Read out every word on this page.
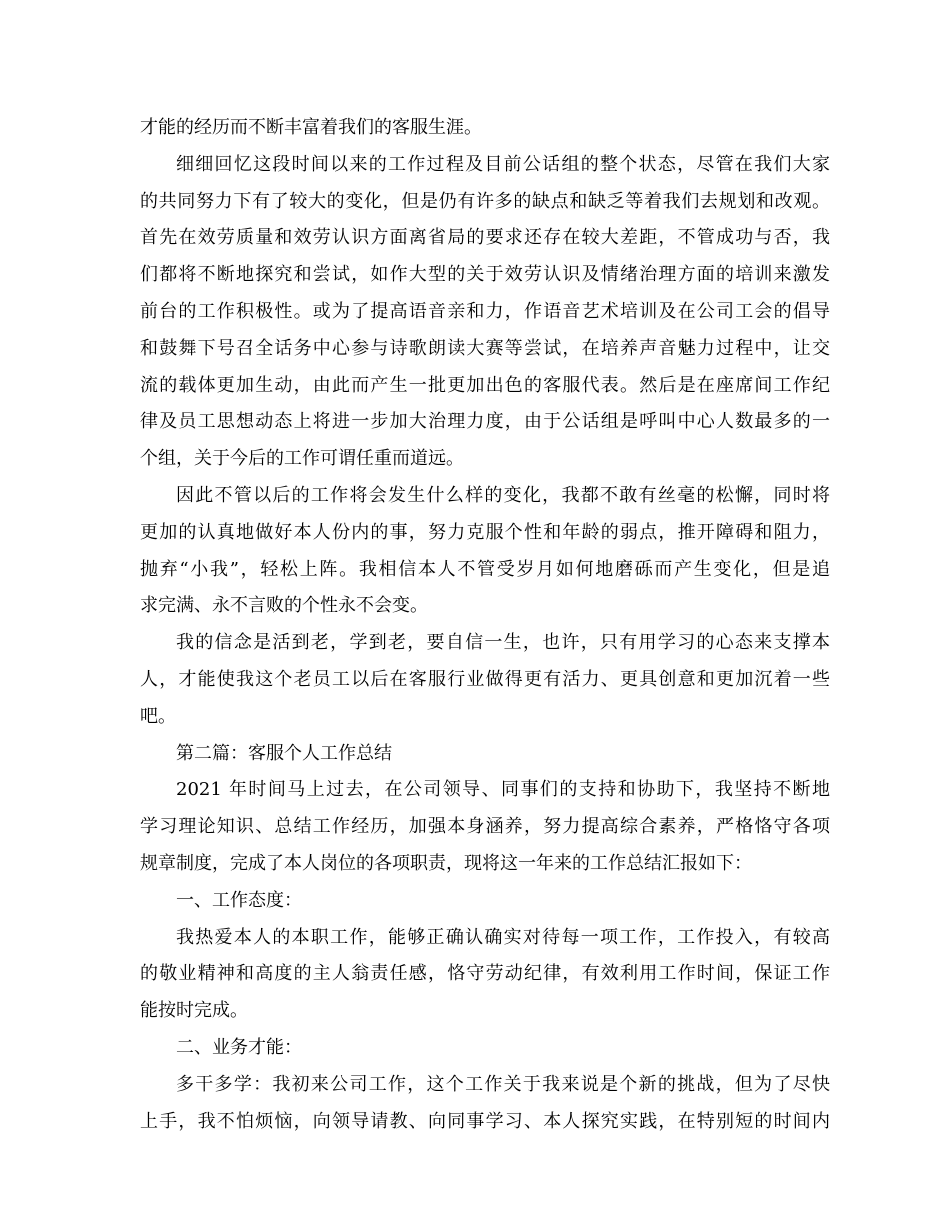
才能的经历而不断丰富着我们的客服生涯。
细细回忆这段时间以来的工作过程及目前公话组的整个状态，尽管在我们大家
的共同努力下有了较大的变化，但是仍有许多的缺点和缺乏等着我们去规划和改观。
首先在效劳质量和效劳认识方面离省局的要求还存在较大差距，不管成功与否，我
们都将不断地探究和尝试，如作大型的关于效劳认识及情绪治理方面的培训来激发
前台的工作积极性。或为了提高语音亲和力，作语音艺术培训及在公司工会的倡导
和鼓舞下号召全话务中心参与诗歌朗读大赛等尝试，在培养声音魅力过程中，让交
流的载体更加生动，由此而产生一批更加出色的客服代表。然后是在座席间工作纪
律及员工思想动态上将进一步加大治理力度，由于公话组是呼叫中心人数最多的一
个组，关于今后的工作可谓任重而道远。
因此不管以后的工作将会发生什么样的变化，我都不敢有丝毫的松懈，同时将
更加的认真地做好本人份内的事，努力克服个性和年龄的弱点，推开障碍和阻力，
抛弃“小我”，轻松上阵。我相信本人不管受岁月如何地磨砾而产生变化，但是追
求完满、永不言败的个性永不会变。
我的信念是活到老，学到老，要自信一生，也许，只有用学习的心态来支撑本
人，才能使我这个老员工以后在客服行业做得更有活力、更具创意和更加沉着一些
吧。
第二篇：客服个人工作总结
2021 年时间马上过去，在公司领导、同事们的支持和协助下，我坚持不断地
学习理论知识、总结工作经历，加强本身涵养，努力提高综合素养，严格恪守各项
规章制度，完成了本人岗位的各项职责，现将这一年来的工作总结汇报如下：
一、工作态度：
我热爱本人的本职工作，能够正确认确实对待每一项工作，工作投入，有较高
的敬业精神和高度的主人翁责任感，恪守劳动纪律，有效利用工作时间，保证工作
能按时完成。
二、业务才能：
多干多学：我初来公司工作，这个工作关于我来说是个新的挑战，但为了尽快
上手，我不怕烦恼，向领导请教、向同事学习、本人探究实践，在特别短的时间内
